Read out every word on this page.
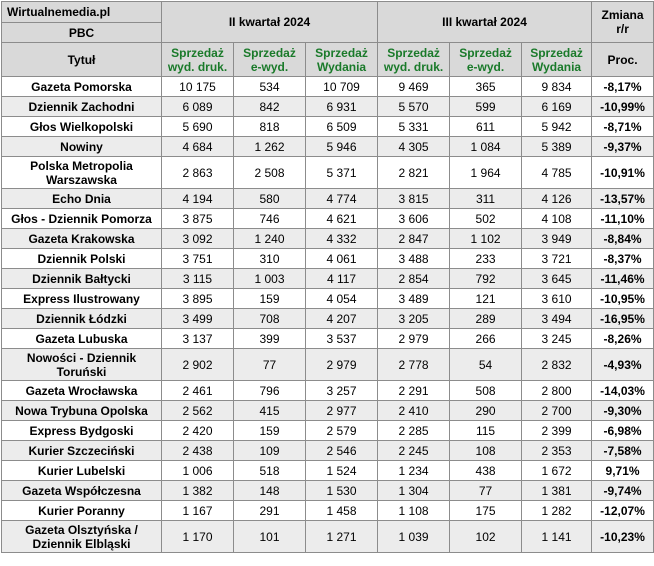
Wirtualnemedia.pl	II kwartał 2024			III kwartał 2024			Zmiana r/r
PBC							
Tytuł	Sprzedaż wyd. druk.	Sprzedaż e-wyd.	Sprzedaż Wydania	Sprzedaż wyd. druk.	Sprzedaż e-wyd.	Sprzedaż Wydania	Proc.
Gazeta Pomorska	10 175	534	10 709	9 469	365	9 834	-8,17%
Dziennik Zachodni	6 089	842	6 931	5 570	599	6 169	-10,99%
Głos Wielkopolski	5 690	818	6 509	5 331	611	5 942	-8,71%
Nowiny	4 684	1 262	5 946	4 305	1 084	5 389	-9,37%
Polska Metropolia Warszawska	2 863	2 508	5 371	2 821	1 964	4 785	-10,91%
Echo Dnia	4 194	580	4 774	3 815	311	4 126	-13,57%
Głos - Dziennik Pomorza	3 875	746	4 621	3 606	502	4 108	-11,10%
Gazeta Krakowska	3 092	1 240	4 332	2 847	1 102	3 949	-8,84%
Dziennik Polski	3 751	310	4 061	3 488	233	3 721	-8,37%
Dziennik Bałtycki	3 115	1 003	4 117	2 854	792	3 645	-11,46%
Express Ilustrowany	3 895	159	4 054	3 489	121	3 610	-10,95%
Dziennik Łódzki	3 499	708	4 207	3 205	289	3 494	-16,95%
Gazeta Lubuska	3 137	399	3 537	2 979	266	3 245	-8,26%
Nowości - Dziennik Toruński	2 902	77	2 979	2 778	54	2 832	-4,93%
Gazeta Wrocławska	2 461	796	3 257	2 291	508	2 800	-14,03%
Nowa Trybuna Opolska	2 562	415	2 977	2 410	290	2 700	-9,30%
Express Bydgoski	2 420	159	2 579	2 285	115	2 399	-6,98%
Kurier Szczeciński	2 438	109	2 546	2 245	108	2 353	-7,58%
Kurier Lubelski	1 006	518	1 524	1 234	438	1 672	9,71%
Gazeta Współczesna	1 382	148	1 530	1 304	77	1 381	-9,74%
Kurier Poranny	1 167	291	1 458	1 108	175	1 282	-12,07%
Gazeta Olsztyńska / Dziennik Elbląski	1 170	101	1 271	1 039	102	1 141	-10,23%
